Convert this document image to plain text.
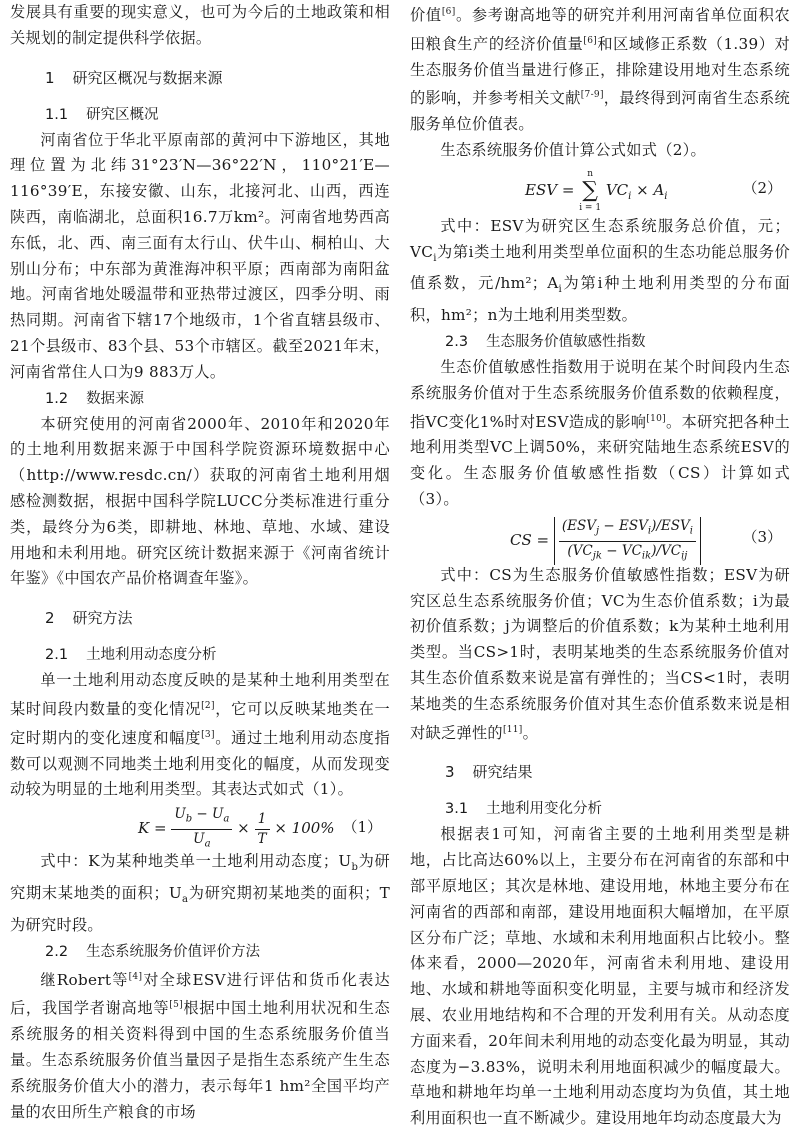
发展具有重要的现实意义，也可为今后的土地政策和相关规划的制定提供科学依据。

1 研究区概况与数据来源
1.1 研究区概况

河南省位于华北平原南部的黄河中下游地区，其地理位置为北纬31°23′N—36°22′N，110°21′E—116°39′E，东接安徽、山东，北接河北、山西，西连陕西，南临湖北，总面积16.7万km²。河南省地势西高东低，北、西、南三面有太行山、伏牛山、桐柏山、大别山分布；中东部为黄淮海冲积平原；西南部为南阳盆地。河南省地处暖温带和亚热带过渡区，四季分明、雨热同期。河南省下辖17个地级市，1个省直辖县级市、21个县级市、83个县、53个市辖区。截至2021年末，河南省常住人口为9 883万人。

1.2 数据来源

本研究使用的河南省2000年、2010年和2020年的土地利用数据来源于中国科学院资源环境数据中心（http://www.resdc.cn/）获取的河南省土地利用烟感检测数据，根据中国科学院LUCC分类标准进行重分类，最终分为6类，即耕地、林地、草地、水域、建设用地和未利用地。研究区统计数据来源于《河南省统计年鉴》《中国农产品价格调查年鉴》。

2 研究方法
2.1 土地利用动态度分析

单一土地利用动态度反映的是某种土地利用类型在某时间段内数量的变化情况[2]，它可以反映某地类在一定时期内的变化速度和幅度[3]。通过土地利用动态度指数可以观测不同地类土地利用变化的幅度，从而发现变动较为明显的土地利用类型。其表达式如式（1）。

$K = \frac{U_b - U_a}{U_a} \times \frac{1}{T} \times 100\%$ （1）

式中：K为某种地类单一土地利用动态度；$U_b$为研究期末某地类的面积；$U_a$为研究期初某地类的面积；T为研究时段。

2.2 生态系统服务价值评价方法

继Robert等[4]对全球ESV进行评估和货币化表达后，我国学者谢高地等[5]根据中国土地利用状况和生态系统服务的相关资料得到中国的生态系统服务价值当量。生态系统服务价值当量因子是指生态系统产生生态系统服务价值大小的潜力，表示每年1 hm²全国平均产量的农田所生产粮食的市场

价值[6]。参考谢高地等的研究并利用河南省单位面积农田粮食生产的经济价值量[6]和区域修正系数（1.39）对生态服务价值当量进行修正，排除建设用地对生态系统的影响，并参考相关文献[7-9]，最终得到河南省生态系统服务单位价值表。

生态系统服务价值计算公式如式（2）。

ESV =
n
∑
i = 1
$VC_i \times A_i$	（2）

式中：ESV为研究区生态系统服务总价值，元；$VC_i$为第i类土地利用类型单位面积的生态功能总服务价值系数，元/hm²；$A_i$为第i种土地利用类型的分布面积，hm²；n为土地利用类型数。

2.3 生态服务价值敏感性指数

生态价值敏感性指数用于说明在某个时间段内生态系统服务价值对于生态系统服务价值系数的依赖程度，指VC变化1%时对ESV造成的影响[10]。本研究把各种土地利用类型VC上调50%，来研究陆地生态系统ESV的变化。生态服务价值敏感性指数（CS）计算如式（3）。

CS = $\frac{(ESV_j - ESV_i)/ESV_i}{(VC_{jk} - VC_{ik})/VC_{ij}}$	（3）

式中：CS为生态服务价值敏感性指数；ESV为研究区总生态系统服务价值；VC为生态价值系数；i为最初价值系数；j为调整后的价值系数；k为某种土地利用类型。当CS>1时，表明某地类的生态系统服务价值对其生态价值系数来说是富有弹性的；当CS<1时，表明某地类的生态系统服务价值对其生态价值系数来说是相对缺乏弹性的[11]。

3 研究结果
3.1 土地利用变化分析

根据表1可知，河南省主要的土地利用类型是耕地，占比高达60%以上，主要分布在河南省的东部和中部平原地区；其次是林地、建设用地，林地主要分布在河南省的西部和南部，建设用地面积大幅增加，在平原区分布广泛；草地、水域和未利用地面积占比较小。整体来看，2000—2020年，河南省未利用地、建设用地、水域和耕地等面积变化明显，主要与城市和经济发展、农业用地结构和不合理的开发利用有关。从动态度方面来看，20年间未利用地的动态变化最为明显，其动态度为−3.83%，说明未利用地面积减少的幅度最大。草地和耕地年均单一土地利用动态度均为负值，其土地利用面积也一直不断减少。建设用地年均动态度最大为
